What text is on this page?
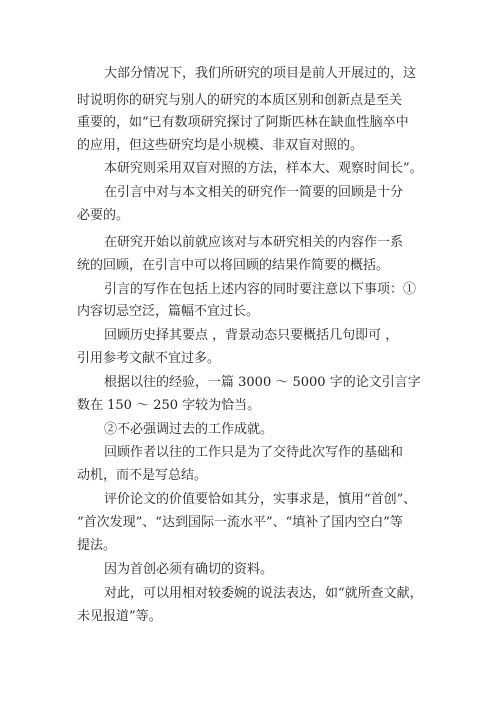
大部分情况下，我们所研究的项目是前人开展过的，这
时说明你的研究与别人的研究的本质区别和创新点是至关
重要的，如“已有数项研究探讨了阿斯匹林在缺血性脑卒中
的应用，但这些研究均是小规模、非双盲对照的。
本研究则采用双盲对照的方法，样本大、观察时间长”。
在引言中对与本文相关的研究作一简要的回顾是十分
必要的。
在研究开始以前就应该对与本研究相关的内容作一系
统的回顾，在引言中可以将回顾的结果作简要的概括。
引言的写作在包括上述内容的同时要注意以下事项：①
内容切忌空泛，篇幅不宜过长。
回顾历史择其要点 ，背景动态只要概括几句即可 ，
引用参考文献不宜过多。
根据以往的经验，一篇 3000 ～ 5000 字的论文引言字
数在 150 ～ 250 字较为恰当。
②不必强调过去的工作成就。
回顾作者以往的工作只是为了交待此次写作的基础和
动机，而不是写总结。
评价论文的价值要恰如其分，实事求是，慎用“首创”、
“首次发现”、“达到国际一流水平”、“填补了国内空白”等
提法。
因为首创必须有确切的资料。
对此，可以用相对较委婉的说法表达，如“就所查文献，
未见报道”等。
